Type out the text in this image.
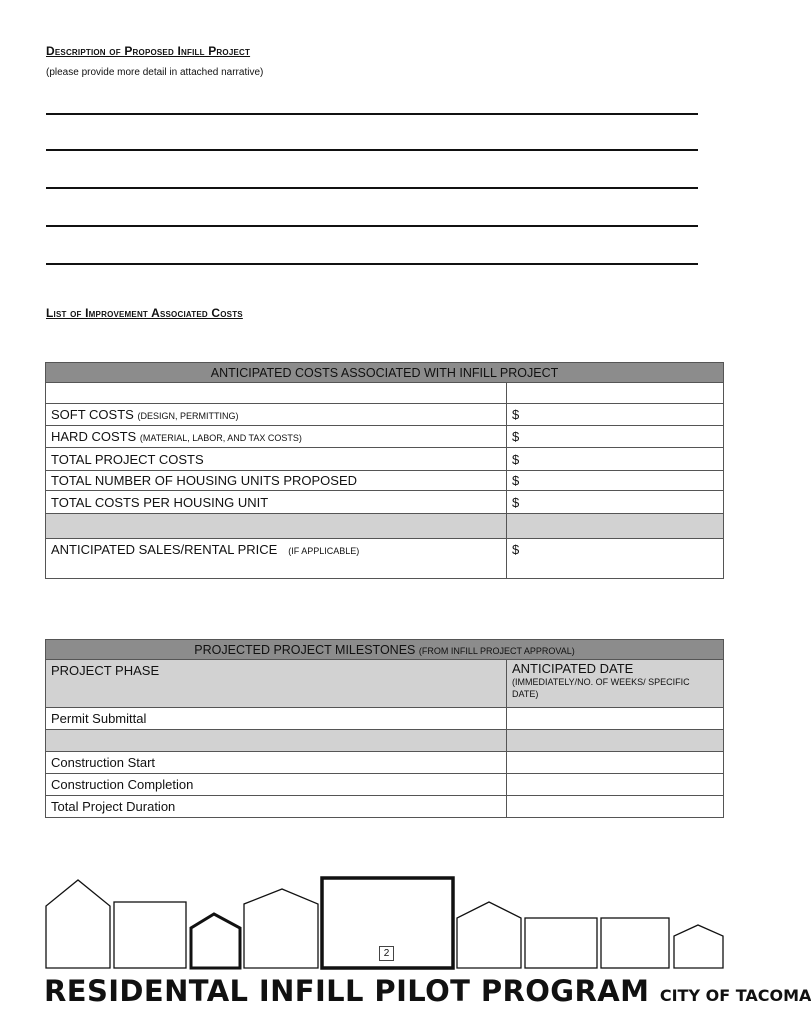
Description of Proposed Infill Project

(please provide more detail in attached narrative)

List of Improvement Associated Costs
ANTICIPATED COSTS ASSOCIATED WITH INFILL PROJECT	

SOFT COSTS (DESIGN, PERMITTING)	$
HARD COSTS (MATERIAL, LABOR, AND TAX COSTS)	$
TOTAL PROJECT COSTS	$
TOTAL NUMBER OF HOUSING UNITS PROPOSED	$
TOTAL COSTS PER HOUSING UNIT	$

ANTICIPATED SALES/RENTAL PRICE (IF APPLICABLE)	$
PROJECTED PROJECT MILESTONES (FROM INFILL PROJECT APPROVAL)	
PROJECT PHASE	ANTICIPATED DATE
(IMMEDIATELY/NO. OF WEEKS/ SPECIFIC DATE)

Permit Submittal	

Construction Start	
Construction Completion	
Total Project Duration	
2
RESIDENTAL INFILL PILOT PROGRAM CITY OF TACOMA
